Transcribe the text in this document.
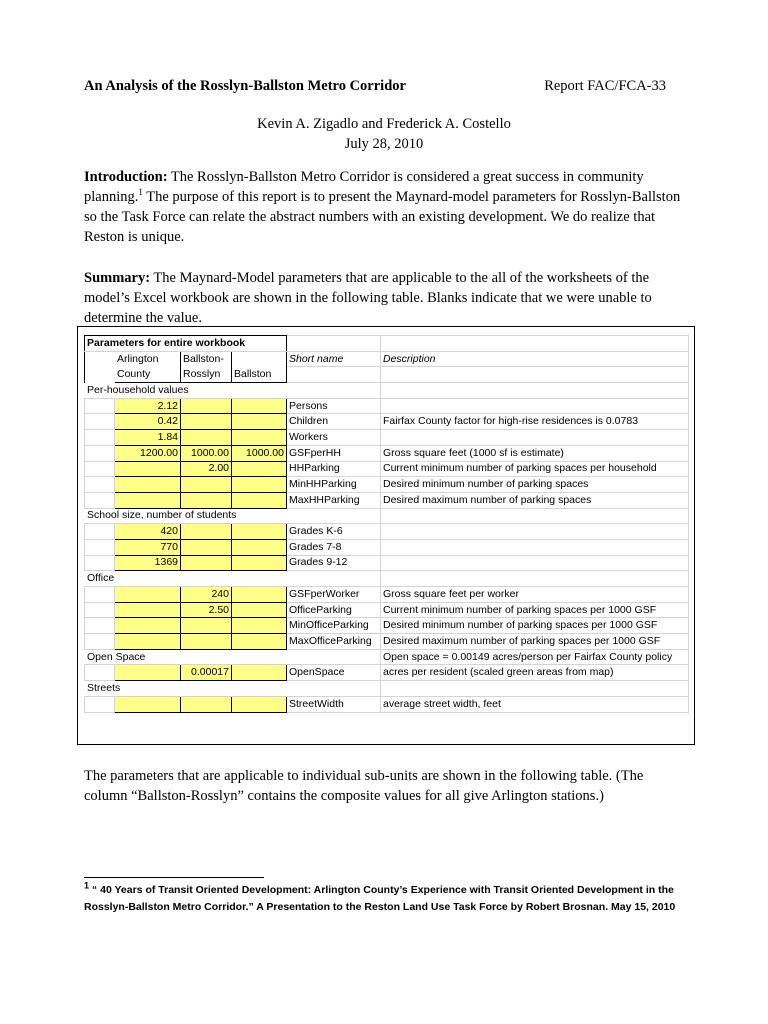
An Analysis of the Rosslyn-Ballston Metro Corridor	Report FAC/FCA-33
Kevin A. Zigadlo and Frederick A. Costello
July 28, 2010
Introduction: The Rosslyn-Ballston Metro Corridor is considered a great success in community planning.$^1$ The purpose of this report is to present the Maynard-model parameters for Rosslyn-Ballston so the Task Force can relate the abstract numbers with an existing development. We do realize that Reston is unique.
Summary: The Maynard-Model parameters that are applicable to the all of the worksheets of the model’s Excel workbook are shown in the following table. Blanks indicate that we were unable to determine the value.
Parameters for entire workbook					
	Arlington	Ballston-		Short name	Description
	County	Rosslyn	Ballston		
Per-household values					
	2.12			Persons	
	0.42			Children	Fairfax County factor for high-rise residences is 0.0783
	1.84			Workers	
	1200.00	1000.00	1000.00	GSFperHH	Gross square feet (1000 sf is estimate)
		2.00		HHParking	Current minimum number of parking spaces per household
				MinHHParking	Desired minimum number of parking spaces
				MaxHHParking	Desired maximum number of parking spaces
School size, number of students					
	420			Grades K-6	
	770			Grades 7-8	
	1369			Grades 9-12	
Office					
		240		GSFperWorker	Gross square feet per worker
		2.50		OfficeParking	Current minimum number of parking spaces per 1000 GSF
				MinOfficeParking	Desired minimum number of parking spaces per 1000 GSF
				MaxOfficeParking	Desired maximum number of parking spaces per 1000 GSF
Open Space					Open space = 0.00149 acres/person per Fairfax County policy
		0.00017		OpenSpace	acres per resident (scaled green areas from map)
Streets					
				StreetWidth	average street width, feet
The parameters that are applicable to individual sub-units are shown in the following table. (The column “Ballston-Rosslyn” contains the composite values for all give Arlington stations.)
$^1$ “ 40 Years of Transit Oriented Development: Arlington County’s Experience with Transit Oriented Development in the Rosslyn-Ballston Metro Corridor.” A Presentation to the Reston Land Use Task Force by Robert Brosnan. May 15, 2010
